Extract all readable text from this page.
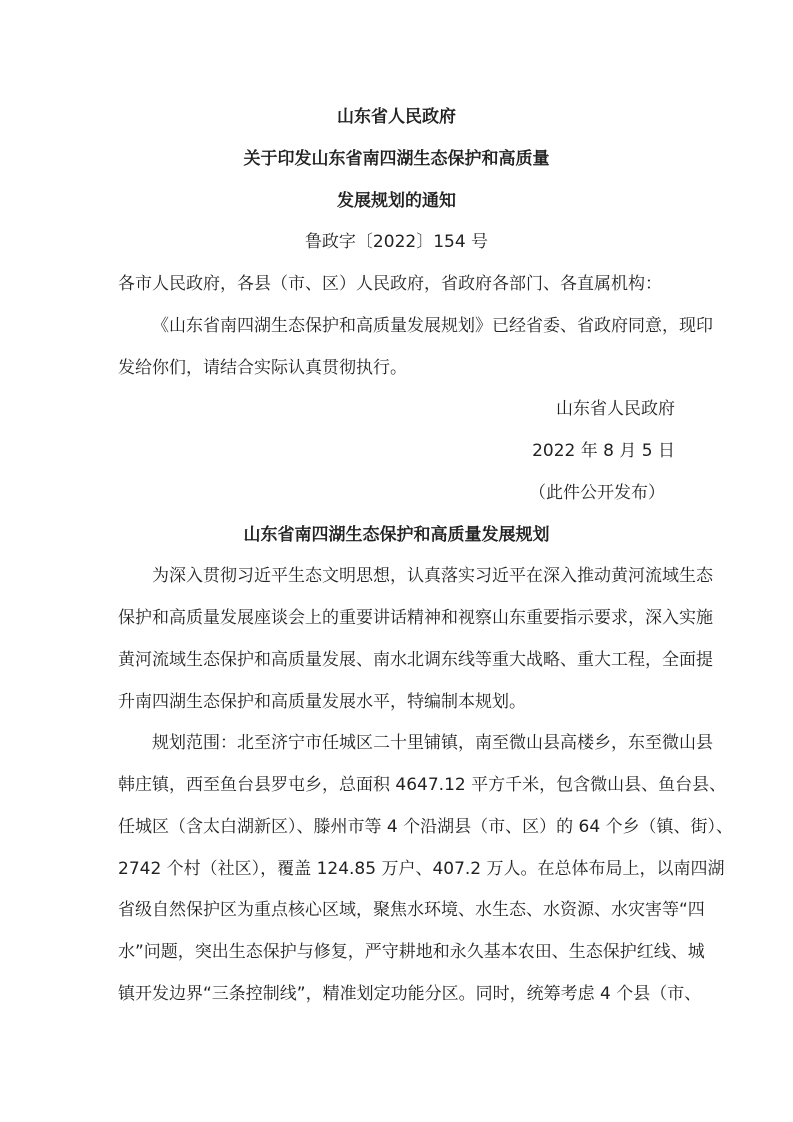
山东省人民政府
关于印发山东省南四湖生态保护和高质量
发展规划的通知
鲁政字〔2022〕154 号
各市人民政府，各县（市、区）人民政府，省政府各部门、各直属机构：
《山东省南四湖生态保护和高质量发展规划》已经省委、省政府同意，现印
发给你们，请结合实际认真贯彻执行。
山东省人民政府
2022 年 8 月 5 日
（此件公开发布）
山东省南四湖生态保护和高质量发展规划
为深入贯彻习近平生态文明思想，认真落实习近平在深入推动黄河流域生态
保护和高质量发展座谈会上的重要讲话精神和视察山东重要指示要求，深入实施
黄河流域生态保护和高质量发展、南水北调东线等重大战略、重大工程，全面提
升南四湖生态保护和高质量发展水平，特编制本规划。
规划范围：北至济宁市任城区二十里铺镇，南至微山县高楼乡，东至微山县
韩庄镇，西至鱼台县罗屯乡，总面积 4647.12 平方千米，包含微山县、鱼台县、
任城区（含太白湖新区）、滕州市等 4 个沿湖县（市、区）的 64 个乡（镇、街）、
2742 个村（社区），覆盖 124.85 万户、407.2 万人。在总体布局上，以南四湖
省级自然保护区为重点核心区域，聚焦水环境、水生态、水资源、水灾害等“四
水”问题，突出生态保护与修复，严守耕地和永久基本农田、生态保护红线、城
镇开发边界“三条控制线”，精准划定功能分区。同时，统筹考虑 4 个县（市、
